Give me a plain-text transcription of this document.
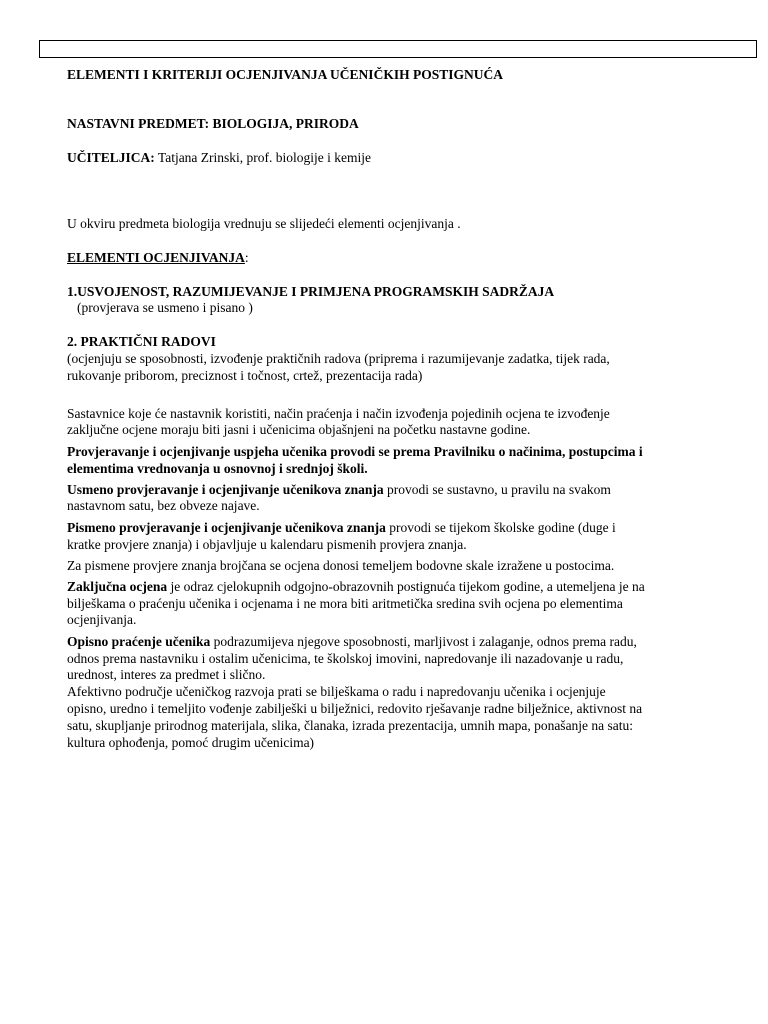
ELEMENTI I KRITERIJI OCJENJIVANJA UČENIČKIH POSTIGNUĆA
NASTAVNI PREDMET: BIOLOGIJA, PRIRODA
UČITELJICA: Tatjana Zrinski, prof. biologije i kemije
U okviru predmeta biologija vrednuju se slijedeći elementi ocjenjivanja .
ELEMENTI OCJENJIVANJA:
1.USVOJENOST, RAZUMIJEVANJE I PRIMJENA PROGRAMSKIH SADRŽAJA
(provjerava se usmeno i pisano )
2. PRAKTIČNI RADOVI
(ocjenjuju se sposobnosti, izvođenje praktičnih radova (priprema i razumijevanje zadatka, tijek rada,
rukovanje priborom, preciznost i točnost, crtež, prezentacija rada)
Sastavnice koje će nastavnik koristiti, način praćenja i način izvođenja pojedinih ocjena te izvođenje
zaključne ocjene moraju biti jasni i učenicima objašnjeni na početku nastavne godine.
Provjeravanje i ocjenjivanje uspjeha učenika provodi se prema Pravilniku o načinima, postupcima i
elementima vrednovanja u osnovnoj i srednjoj školi.
Usmeno provjeravanje i ocjenjivanje učenikova znanja provodi se sustavno, u pravilu na svakom
nastavnom satu, bez obveze najave.
Pismeno provjeravanje i ocjenjivanje učenikova znanja provodi se tijekom školske godine (duge i
kratke provjere znanja) i objavljuje u kalendaru pismenih provjera znanja.
Za pismene provjere znanja brojčana se ocjena donosi temeljem bodovne skale izražene u postocima.
Zaključna ocjena je odraz cjelokupnih odgojno-obrazovnih postignuća tijekom godine, a utemeljena je na
bilješkama o praćenju učenika i ocjenama i ne mora biti aritmetička sredina svih ocjena po elementima
ocjenjivanja.
Opisno praćenje učenika podrazumijeva njegove sposobnosti, marljivost i zalaganje, odnos prema radu,
odnos prema nastavniku i ostalim učenicima, te školskoj imovini, napredovanje ili nazadovanje u radu,
urednost, interes za predmet i slično.
Afektivno područje učeničkog razvoja prati se bilješkama o radu i napredovanju učenika i ocjenjuje
opisno, uredno i temeljito vođenje zabilješki u bilježnici, redovito rješavanje radne bilježnice, aktivnost na
satu, skupljanje prirodnog materijala, slika, članaka, izrada prezentacija, umnih mapa, ponašanje na satu:
kultura ophođenja, pomoć drugim učenicima)
